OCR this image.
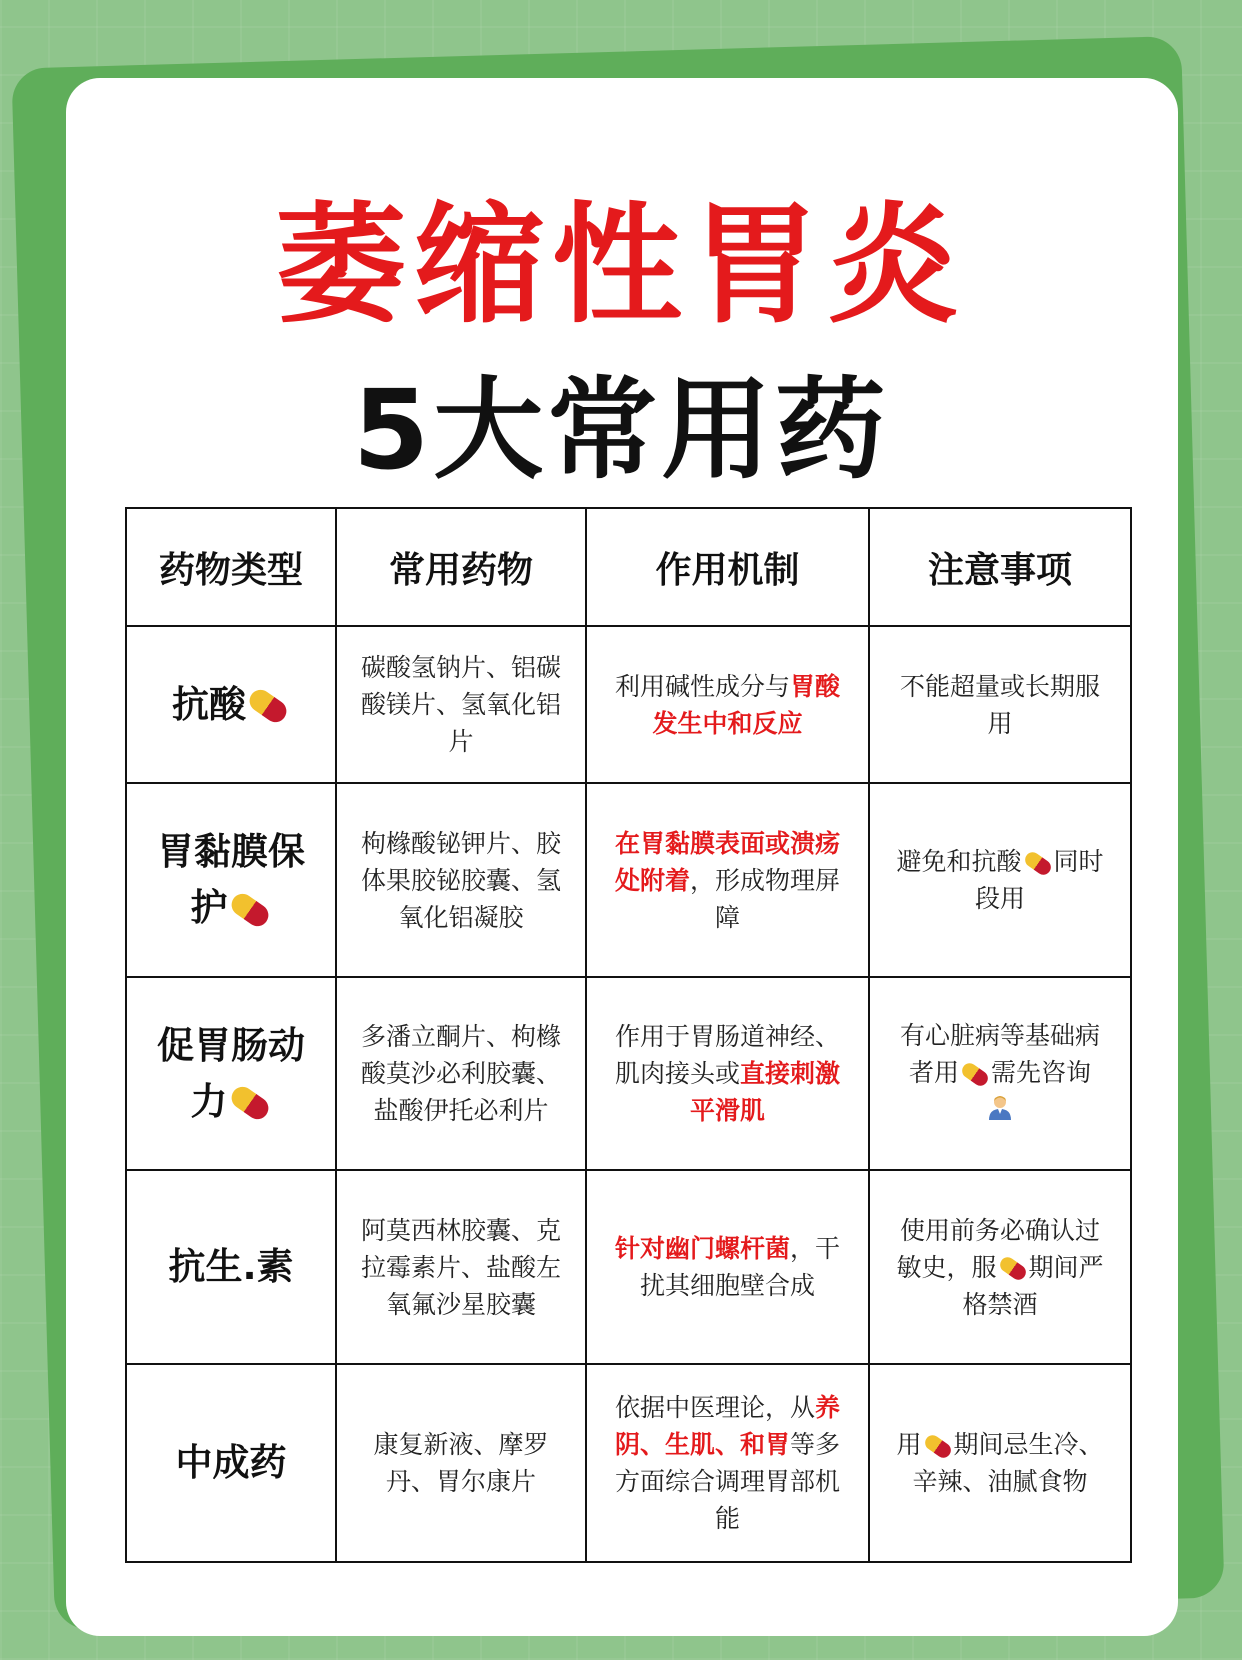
萎缩性胃炎
5大常用药
药物类型	常用药物	作用机制	注意事项
抗酸	碳酸氢钠片、铝碳酸镁片、氢氧化铝片	利用碱性成分与胃酸发生中和反应	不能超量或长期服用
胃黏膜保
护	枸橼酸铋钾片、胶体果胶铋胶囊、氢氧化铝凝胶	在胃黏膜表面或溃疡处附着，形成物理屏障	避免和抗酸 同时段用
促胃肠动
力	多潘立酮片、枸橼酸莫沙必利胶囊、盐酸伊托必利片	作用于胃肠道神经、肌肉接头或直接刺激平滑肌	有心脏病等基础病者用 需先咨询

抗生.素	阿莫西林胶囊、克拉霉素片、盐酸左氧氟沙星胶囊	针对幽门螺杆菌，干扰其细胞壁合成	使用前务必确认过敏史，服 期间严格禁酒
中成药	康复新液、摩罗丹、胃尔康片	依据中医理论，从养阴、生肌、和胃等多方面综合调理胃部机能	用 期间忌生冷、辛辣、油腻食物
